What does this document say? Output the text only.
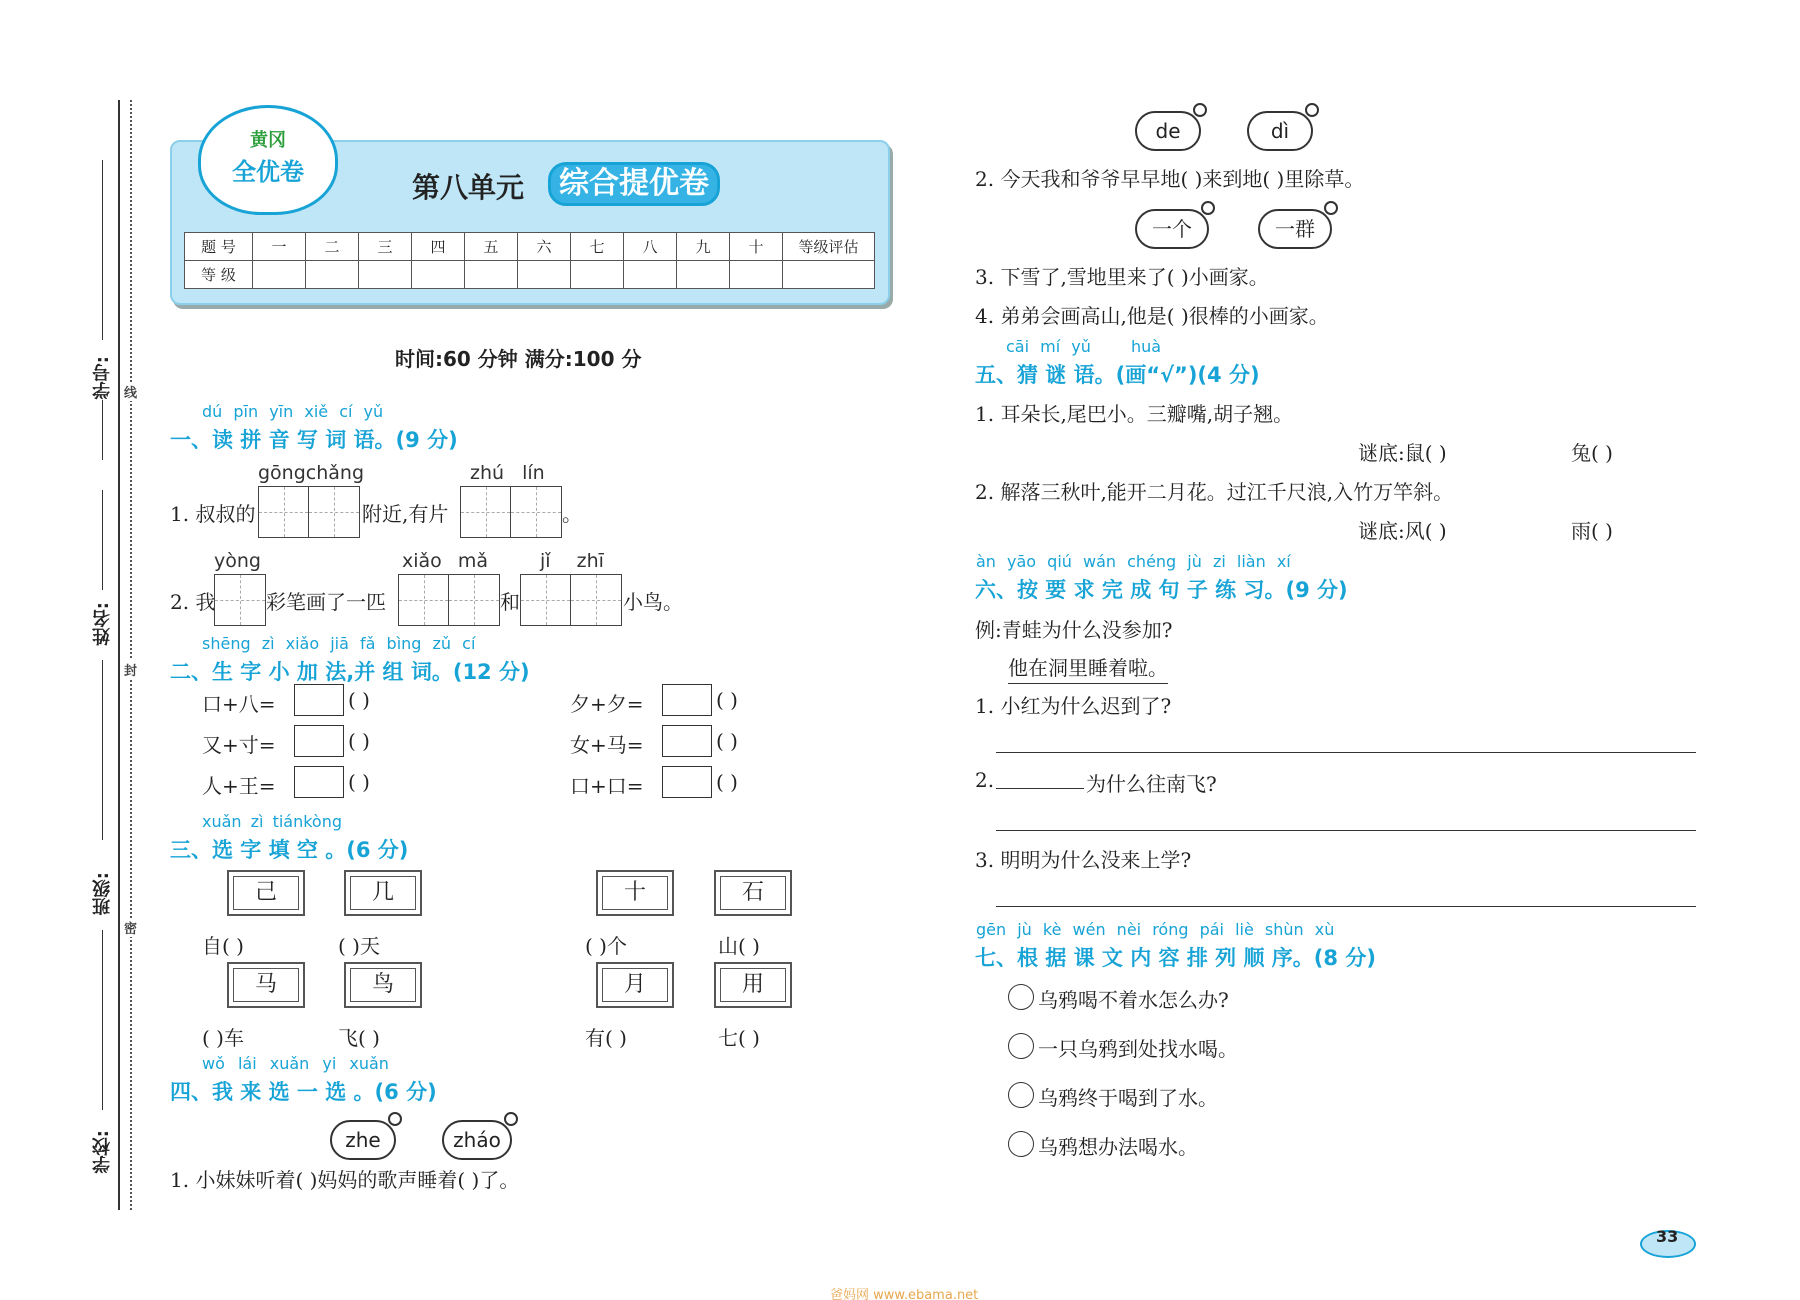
学号: 线
姓名:
封
班级:
密
学校:
黄冈
全优卷	第八单元	综合提优卷
题 号	一	二	三	四	五	六	七	八	九	十	等级评估
等 级											
时间:60 分钟 满分:100 分
dú pīn yīn xiě cí yǔ
一、读 拼 音 写 词 语。(9 分)
gōngchǎng	zhú lín
1. 叔叔的	附近,有片	。
yòng	xiǎo mǎ	jǐ zhī
2. 我	彩笔画了一匹	和	小鸟。
shēng zì xiǎo jiā fǎ bìng zǔ cí
二、生 字 小 加 法,并 组 词。(12 分)
口+八=	( )
又+寸=	( )
人+王=	( )
夕+夕=	( )
女+马=	( )
口+口=	( )
xuǎn zì tiánkòng
三、选 字 填 空 。(6 分)
己	几	十	石
马	鸟	月	用
自( )	( )天	( )个	山( )
( )车	飞( )	有( )	七( )
wǒ lái xuǎn yi xuǎn
四、我 来 选 一 选 。(6 分)
zhe	zháo
1. 小妹妹听着( )妈妈的歌声睡着( )了。
de	dì
2. 今天我和爷爷早早地( )来到地( )里除草。
一个	一群
3. 下雪了,雪地里来了( )小画家。
4. 弟弟会画高山,他是( )很棒的小画家。
cāi mí yǔ	huà
五、猜 谜 语。(画“√”)(4 分)
1. 耳朵长,尾巴小。三瓣嘴,胡子翘。
谜底:鼠( )	兔( )
2. 解落三秋叶,能开二月花。过江千尺浪,入竹万竿斜。
谜底:风( )	雨( )
àn yāo qiú wán chéng jù zi liàn xí
六、按 要 求 完 成 句 子 练 习。(9 分)
例:青蛙为什么没参加?
他在洞里睡着啦。
1. 小红为什么迟到了?
2.	为什么往南飞?
3. 明明为什么没来上学?
gēn jù kè wén nèi róng pái liè shùn xù
七、根 据 课 文 内 容 排 列 顺 序。(8 分)
乌鸦喝不着水怎么办?
一只乌鸦到处找水喝。
乌鸦终于喝到了水。
乌鸦想办法喝水。
33
爸妈网 www.ebama.net
